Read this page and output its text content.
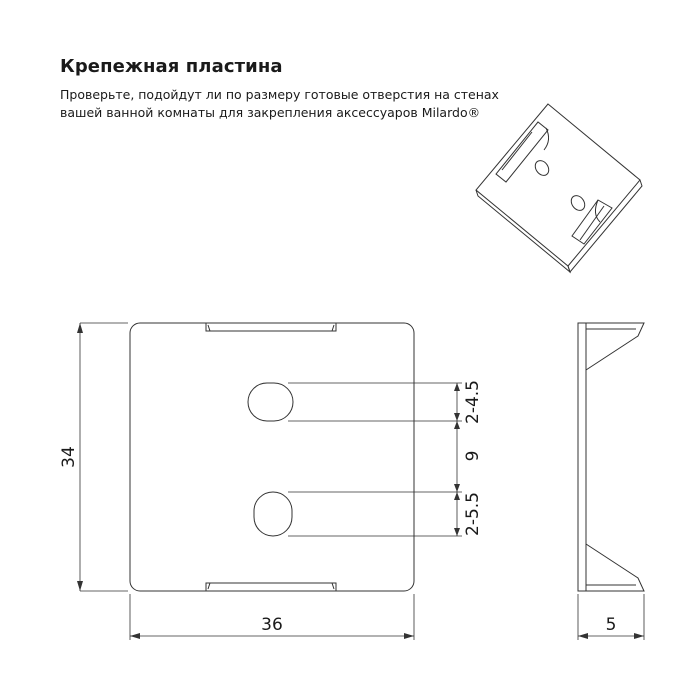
Крепежная пластина
Проверьте, подойдут ли по размеру готовые отверстия на стенах
вашей ванной комнаты для закрепления аксессуаров Milardo®
34
36	5
2-4.5
9
2-5.5
